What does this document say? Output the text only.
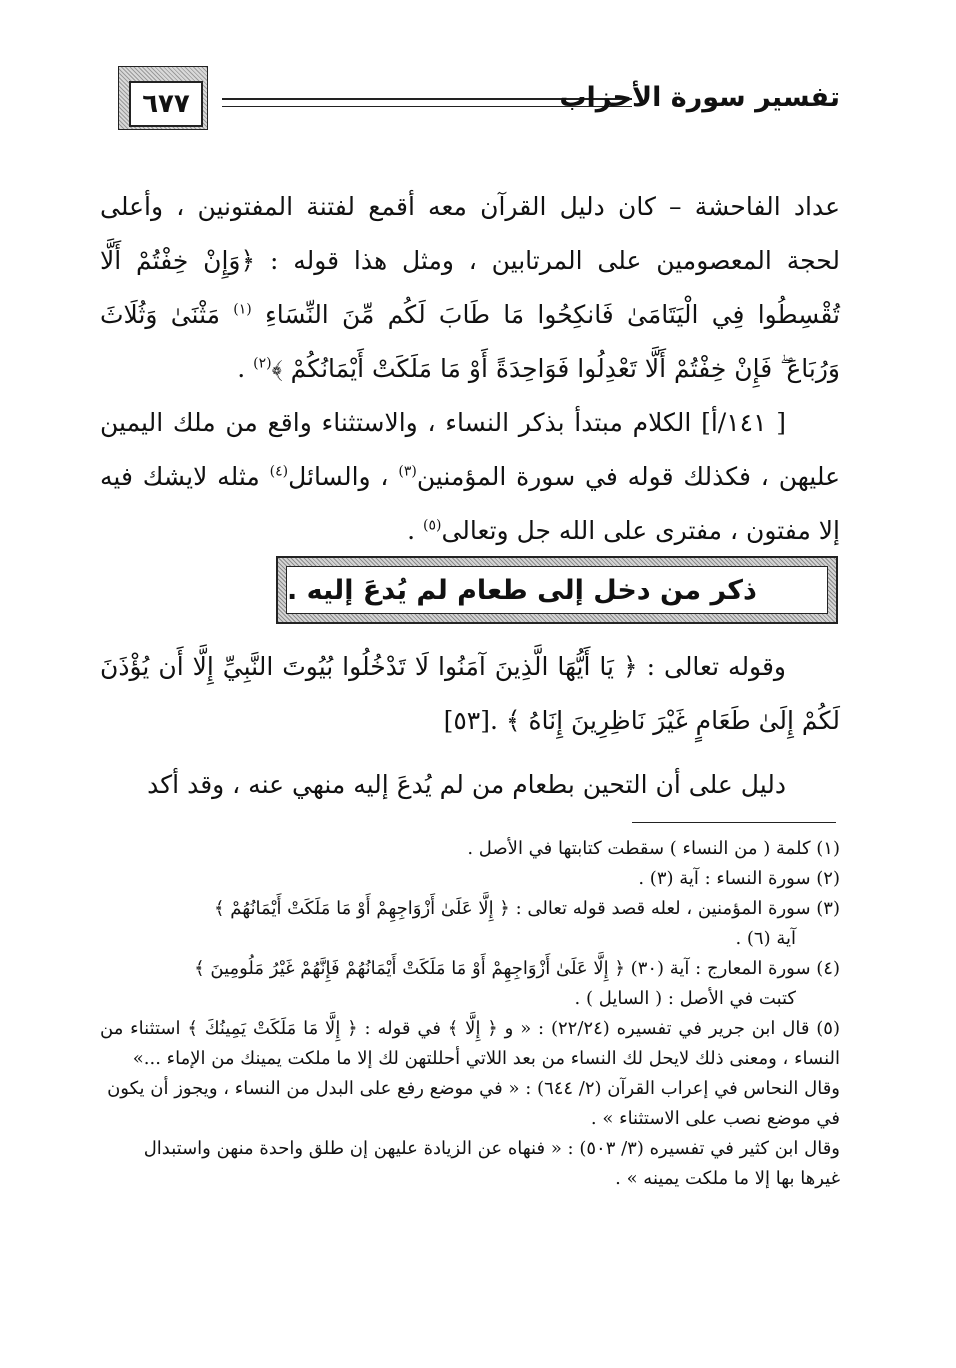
٦٧٧	تفسير سورة الأحزاب
عداد الفاحشة – كان دليل القرآن معه أقمع لفتنة المفتونين ، وأعلى لحجة المعصومين على المرتابين ، ومثل هذا قوله : ﴿وَإِنْ خِفْتُمْ أَلَّا تُقْسِطُوا فِي الْيَتَامَىٰ فَانكِحُوا مَا طَابَ لَكُم مِّنَ النِّسَاءِ $^{(١)}$ مَثْنَىٰ وَثُلَاثَ وَرُبَاعَ ۖ فَإِنْ خِفْتُمْ أَلَّا تَعْدِلُوا فَوَاحِدَةً أَوْ مَا مَلَكَتْ أَيْمَانُكُمْ ﴾$^{(٢)}$ .
[ ١٤١/أ] الكلام مبتدأ بذكر النساء ، والاستثناء واقع من ملك اليمين عليهن ، فكذلك قوله في سورة المؤمنين$^{(٣)}$ ، والسائل$^{(٤)}$ مثله لايشك فيه إلا مفتون ، مفترى على الله جل وتعالى$^{(٥)}$ .
ذكر من دخل إلى طعام لم يُدعَ إليه .
وقوله تعالى : ﴿ يَا أَيُّهَا الَّذِينَ آمَنُوا لَا تَدْخُلُوا بُيُوتَ النَّبِيِّ إِلَّا أَن يُؤْذَنَ لَكُمْ إِلَىٰ طَعَامٍ غَيْرَ نَاظِرِينَ إِنَاهُ ﴾ .[٥٣]
دليل على أن التحين بطعام من لم يُدعَ إليه منهي عنه ، وقد أكد

(١) كلمة ( من النساء ) سقطت كتابتها في الأصل .

(٢) سورة النساء : آية (٣) .

(٣) سورة المؤمنين ، لعله قصد قوله تعالى : ﴿ إِلَّا عَلَىٰ أَزْوَاجِهِمْ أَوْ مَا مَلَكَتْ أَيْمَانُهُمْ ﴾

آية (٦) .

(٤) سورة المعارج : آية (٣٠) ﴿ إِلَّا عَلَىٰ أَزْوَاجِهِمْ أَوْ مَا مَلَكَتْ أَيْمَانُهُمْ فَإِنَّهُمْ غَيْرُ مَلُومِينَ ﴾

كتبت في الأصل : ( السايل ) .

(٥) قال ابن جرير في تفسيره (٢٢/٢٤) : « و ﴿ إِلَّا ﴾ في قوله : ﴿ إِلَّا مَا مَلَكَتْ يَمِينُكَ ﴾ استثناء من النساء ، ومعنى ذلك لايحل لك النساء من بعد اللاتي أحللتهن لك إلا ما ملكت يمينك من الإماء ...»

وقال النحاس في إعراب القرآن (٢/ ٦٤٤) : « في موضع رفع على البدل من النساء ، ويجوز أن يكون في موضع نصب على الاستثناء » .

وقال ابن كثير في تفسيره (٣/ ٥٠٣) : « فنهاه عن الزيادة عليهن إن طلق واحدة منهن واستبدال غيرها بها إلا ما ملكت يمينه » .
